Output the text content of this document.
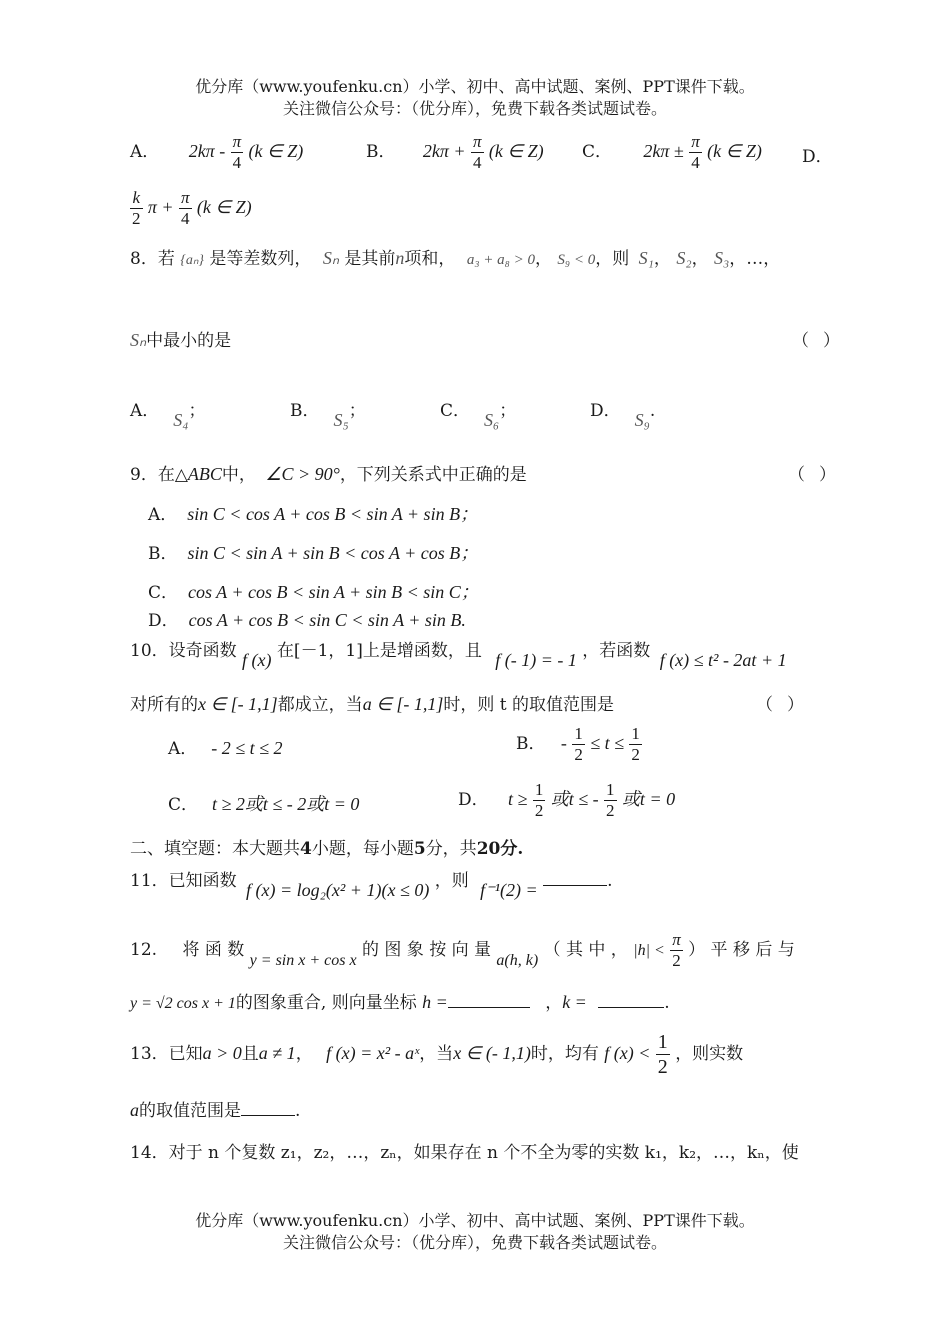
优分库（www.youfenku.cn）小学、初中、高中试题、案例、PPT课件下载。
关注微信公众号：（优分库），免费下载各类试题试卷。
A． $2k\pi - \frac{\pi}{4} (k$ ∈ Z)	B． $2k\pi + \frac{\pi}{4} (k$ ∈ Z) C． $2k\pi \pm \frac{\pi}{4} (k$ ∈ Z) D．
$\frac{k}{2}$ $\pi + \frac{\pi}{4} (k$ ∈ Z)
8．若 {aₙ} 是等差数列， Sₙ 是其前n项和， a₃ + a₈ > 0， S₉ < 0，则 S₁， S₂， S₃，…，
Sₙ中最小的是	（）
A． S₄；	B． S₅；	C． S₆；	D． S₉.
9．在△ABC中， ∠C > 90°，下列关系式中正确的是	（）
A． sin C < cos A + cos B < sin A + sin B；
B． sin C < sin A + sin B < cos A + cos B；
C． cos A + cos B < sin A + sin B < sin C；
D． cos A + cos B < sin C < sin A + sin B.
10．设奇函数 f (x) 在[－1，1]上是增函数，且 f (- 1) = - 1 ，若函数 f (x) ≤ t² - 2at + 1
对所有的x ∈ [- 1,1]都成立，当a ∈ [- 1,1]时，则 t 的取值范围是	（）
A． - 2 ≤ t ≤ 2	B． - $\frac{1}{2} \le t \le \frac{1}{2}$
C． t ≥ 2或t ≤ - 2或t = 0	D． $t \ge \frac{1}{2}$ 或t ≤ - $\frac{1}{2}$ 或t = 0
二、填空题：本大题共4小题，每小题5分，共20分.
11．已知函数 f (x) = log₂(x² + 1)(x ≤ 0) ，则 f⁻¹(2) =	.
12. 将 函 数 y = sin x + cos x 的 图 象 按 向 量 a(h, k) （ 其 中 ， $|h| < \frac{\pi}{2}$ ） 平 移 后 与
y = √2 cos x + 1的图象重合, 则向量坐标 h =	，k =	.
13．已知a > 0且a ≠ 1， f (x) = x² - aˣ，当x ∈ (- 1,1)时，均有 f $(x) < \frac{1}{2}$ ，则实数
a的取值范围是	.
14．对于 n 个复数 z₁，z₂，…，zₙ，如果存在 n 个不全为零的实数 k₁，k₂，…，kₙ，使
优分库（www.youfenku.cn）小学、初中、高中试题、案例、PPT课件下载。
关注微信公众号：（优分库），免费下载各类试题试卷。
